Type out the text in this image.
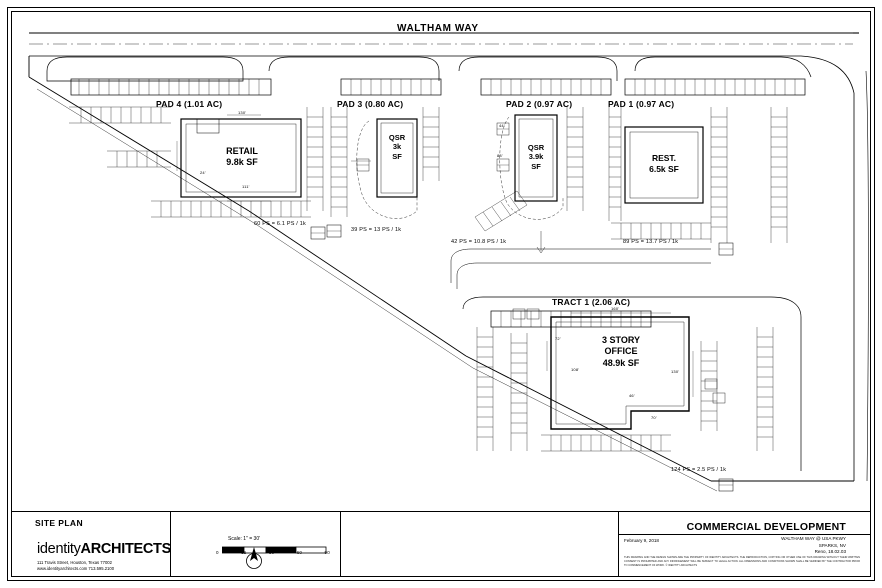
WALTHAM WAY
PAD 4 (1.01 AC)	PAD 3 (0.80 AC)	PAD 2 (0.97 AC)	PAD 1 (0.97 AC)
TRACT 1 (2.06 AC)
RETAIL
9.8k SF
QSR
3k
SF
QSR
3.9k
SF
REST.
6.5k SF
3 STORY
OFFICE
48.9k SF
60 PS = 6.1 PS / 1k
39 PS = 13 PS / 1k
42 PS = 10.8 PS / 1k	89 PS = 13.7 PS / 1k
124 PS = 2.5 PS / 1k
130'
24'
111'
160'
72'
108'	130'
46'
70'
44'
88'
SITE PLAN
identityARCHITECTS
111 Travis Street, Houston, Texas 77002
www.identityarchitects.com 713.595.2100
Scale: 1" = 30'
0	15	30	60	90
February 9, 2018
COMMERCIAL DEVELOPMENT
WALTHAM WAY @ USA PKWY
SPARKS, NV
Reno, 18.02.03
THIS DRAWING AND THE DESIGN SHOWN ARE THE PROPERTY OF IDENTITY ARCHITECTS. THE REPRODUCTION, COPYING OR OTHER USE OF THIS DRAWING WITHOUT THEIR WRITTEN CONSENT IS PROHIBITED AND ANY INFRINGEMENT WILL BE SUBJECT TO LEGAL ACTION. ALL DIMENSIONS AND CONDITIONS SHOWN SHALL BE VERIFIED BY THE CONTRACTOR PRIOR TO COMMENCEMENT OF WORK. © IDENTITY ARCHITECTS
